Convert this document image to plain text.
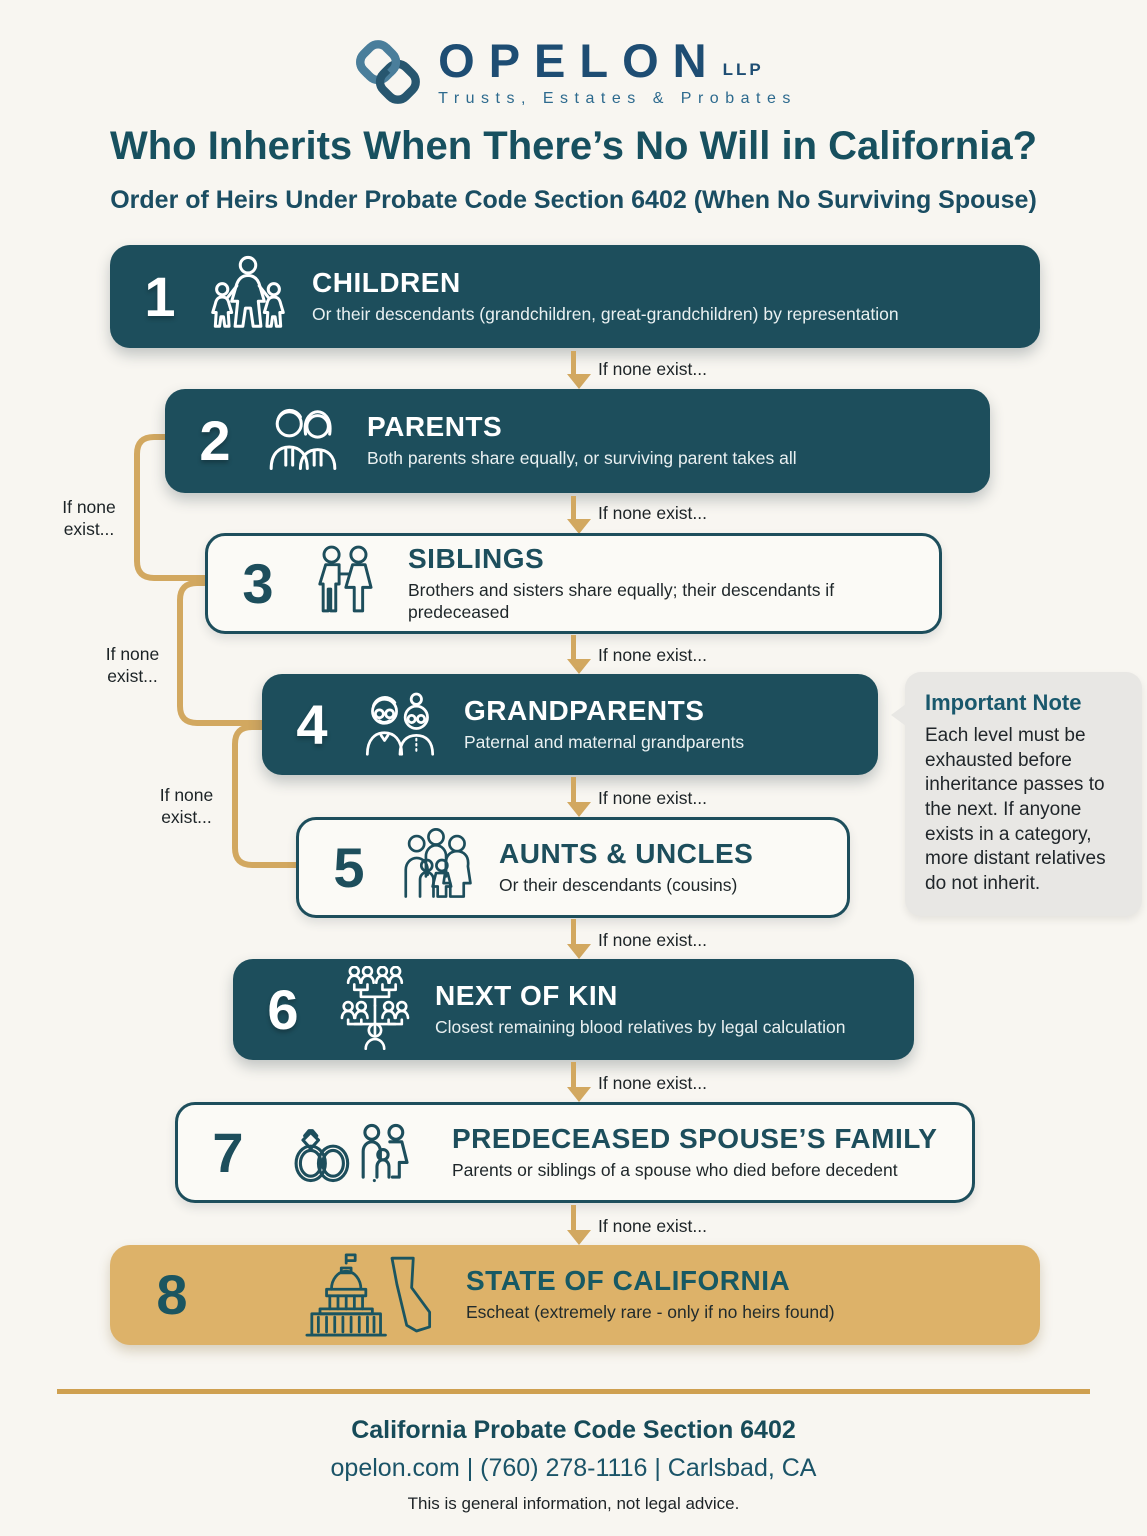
OPELON LLP
Trusts, Estates & Probates
Who Inherits When There’s No Will in California?
Order of Heirs Under Probate Code Section 6402 (When No Surviving Spouse)
If none
exist...
If none
exist...
If none
exist...
1	CHILDREN
Or their descendants (grandchildren, great-grandchildren) by representation
If none exist...
2	PARENTS
Both parents share equally, or surviving parent takes all
If none exist...
3	SIBLINGS
Brothers and sisters share equally; their descendants if predeceased
If none exist...
4	GRANDPARENTS
Paternal and maternal grandparents
If none exist...
5	AUNTS & UNCLES
Or their descendants (cousins)
If none exist...
6	NEXT OF KIN
Closest remaining blood relatives by legal calculation
If none exist...
7	PREDECEASED SPOUSE’S FAMILY
Parents or siblings of a spouse who died before decedent
If none exist...
8	STATE OF CALIFORNIA
Escheat (extremely rare - only if no heirs found)
Important Note
Each level must be exhausted before inheritance passes to the next. If anyone exists in a category, more distant relatives do not inherit.
California Probate Code Section 6402
opelon.com | (760) 278-1116 | Carlsbad, CA
This is general information, not legal advice.
